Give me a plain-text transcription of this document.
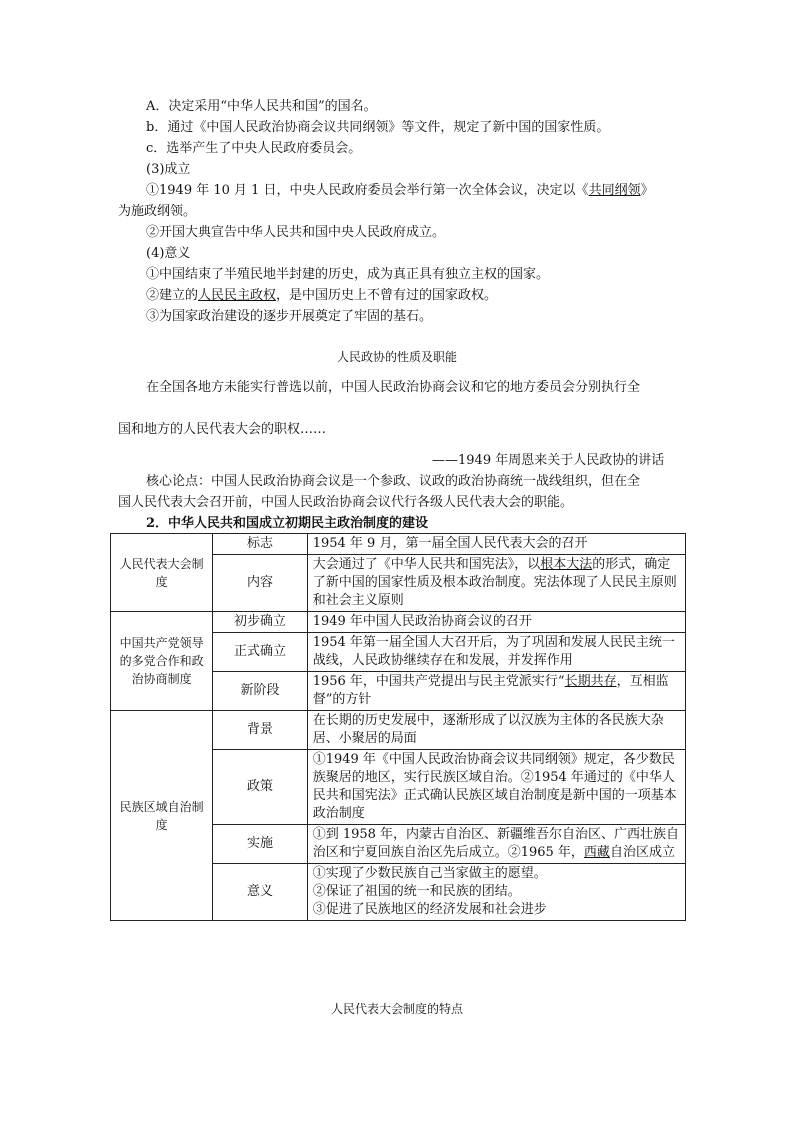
A．决定采用“中华人民共和国”的国名。
b．通过《中国人民政治协商会议共同纲领》等文件，规定了新中国的国家性质。
c．选举产生了中央人民政府委员会。
(3)成立
①1949 年 10 月 1 日，中央人民政府委员会举行第一次全体会议，决定以《共同纲领》
为施政纲领。
②开国大典宣告中华人民共和国中央人民政府成立。
(4)意义
①中国结束了半殖民地半封建的历史，成为真正具有独立主权的国家。
②建立的人民民主政权，是中国历史上不曾有过的国家政权。
③为国家政治建设的逐步开展奠定了牢固的基石。
人民政协的性质及职能
在全国各地方未能实行普选以前，中国人民政治协商会议和它的地方委员会分别执行全
国和地方的人民代表大会的职权……
——1949 年周恩来关于人民政协的讲话
核心论点：中国人民政治协商会议是一个参政、议政的政治协商统一战线组织，但在全
国人民代表大会召开前，中国人民政治协商会议代行各级人民代表大会的职能。
2．中华人民共和国成立初期民主政治制度的建设
人民代表大会制度	标志	1954 年 9 月，第一届全国人民代表大会的召开
	内容	大会通过了《中华人民共和国宪法》，以根本大法的形式，确定了新中国的国家性质及根本政治制度。宪法体现了人民民主原则和社会主义原则
中国共产党领导的多党合作和政治协商制度	初步确立	1949 年中国人民政治协商会议的召开
	正式确立	1954 年第一届全国人大召开后，为了巩固和发展人民民主统一战线，人民政协继续存在和发展，并发挥作用
	新阶段	1956 年，中国共产党提出与民主党派实行“长期共存，互相监督”的方针
民族区域自治制度	背景	在长期的历史发展中，逐渐形成了以汉族为主体的各民族大杂居、小聚居的局面
	政策	①1949 年《中国人民政治协商会议共同纲领》规定，各少数民族聚居的地区，实行民族区域自治。②1954 年通过的《中华人民共和国宪法》正式确认民族区域自治制度是新中国的一项基本政治制度
	实施	①到 1958 年，内蒙古自治区、新疆维吾尔自治区、广西壮族自治区和宁夏回族自治区先后成立。②1965 年，西藏自治区成立
	意义	①实现了少数民族自己当家做主的愿望。
②保证了祖国的统一和民族的团结。
③促进了民族地区的经济发展和社会进步
人民代表大会制度的特点
